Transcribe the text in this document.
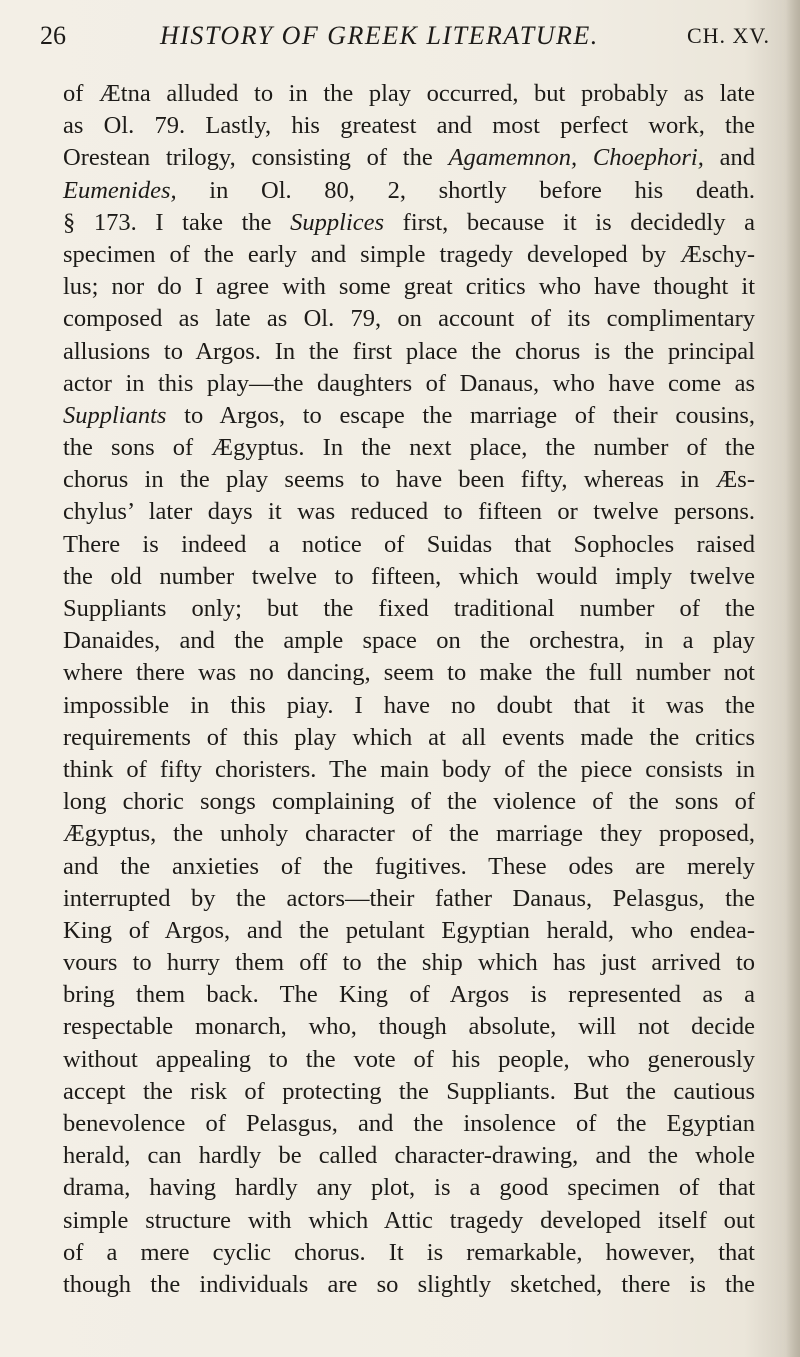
26	HISTORY OF GREEK LITERATURE.	CH. XV.
of Ætna alluded to in the play occurred, but probably as late
as Ol. 79. Lastly, his greatest and most perfect work, the
Orestean trilogy, consisting of the Agamemnon, Choephori, and
Eumenides, in Ol. 80, 2, shortly before his death.
§ 173. I take the Supplices first, because it is decidedly a
specimen of the early and simple tragedy developed by Æschy-
lus; nor do I agree with some great critics who have thought it
composed as late as Ol. 79, on account of its complimentary
allusions to Argos. In the first place the chorus is the principal
actor in this play—the daughters of Danaus, who have come as
Suppliants to Argos, to escape the marriage of their cousins,
the sons of Ægyptus. In the next place, the number of the
chorus in the play seems to have been fifty, whereas in Æs-
chylus’ later days it was reduced to fifteen or twelve persons.
There is indeed a notice of Suidas that Sophocles raised
the old number twelve to fifteen, which would imply twelve
Suppliants only; but the fixed traditional number of the
Danaides, and the ample space on the orchestra, in a play
where there was no dancing, seem to make the full number not
impossible in this piay. I have no doubt that it was the
requirements of this play which at all events made the critics
think of fifty choristers. The main body of the piece consists in
long choric songs complaining of the violence of the sons of
Ægyptus, the unholy character of the marriage they proposed,
and the anxieties of the fugitives. These odes are merely
interrupted by the actors—their father Danaus, Pelasgus, the
King of Argos, and the petulant Egyptian herald, who endea-
vours to hurry them off to the ship which has just arrived to
bring them back. The King of Argos is represented as a
respectable monarch, who, though absolute, will not decide
without appealing to the vote of his people, who generously
accept the risk of protecting the Suppliants. But the cautious
benevolence of Pelasgus, and the insolence of the Egyptian
herald, can hardly be called character-drawing, and the whole
drama, having hardly any plot, is a good specimen of that
simple structure with which Attic tragedy developed itself out
of a mere cyclic chorus. It is remarkable, however, that
though the individuals are so slightly sketched, there is the
